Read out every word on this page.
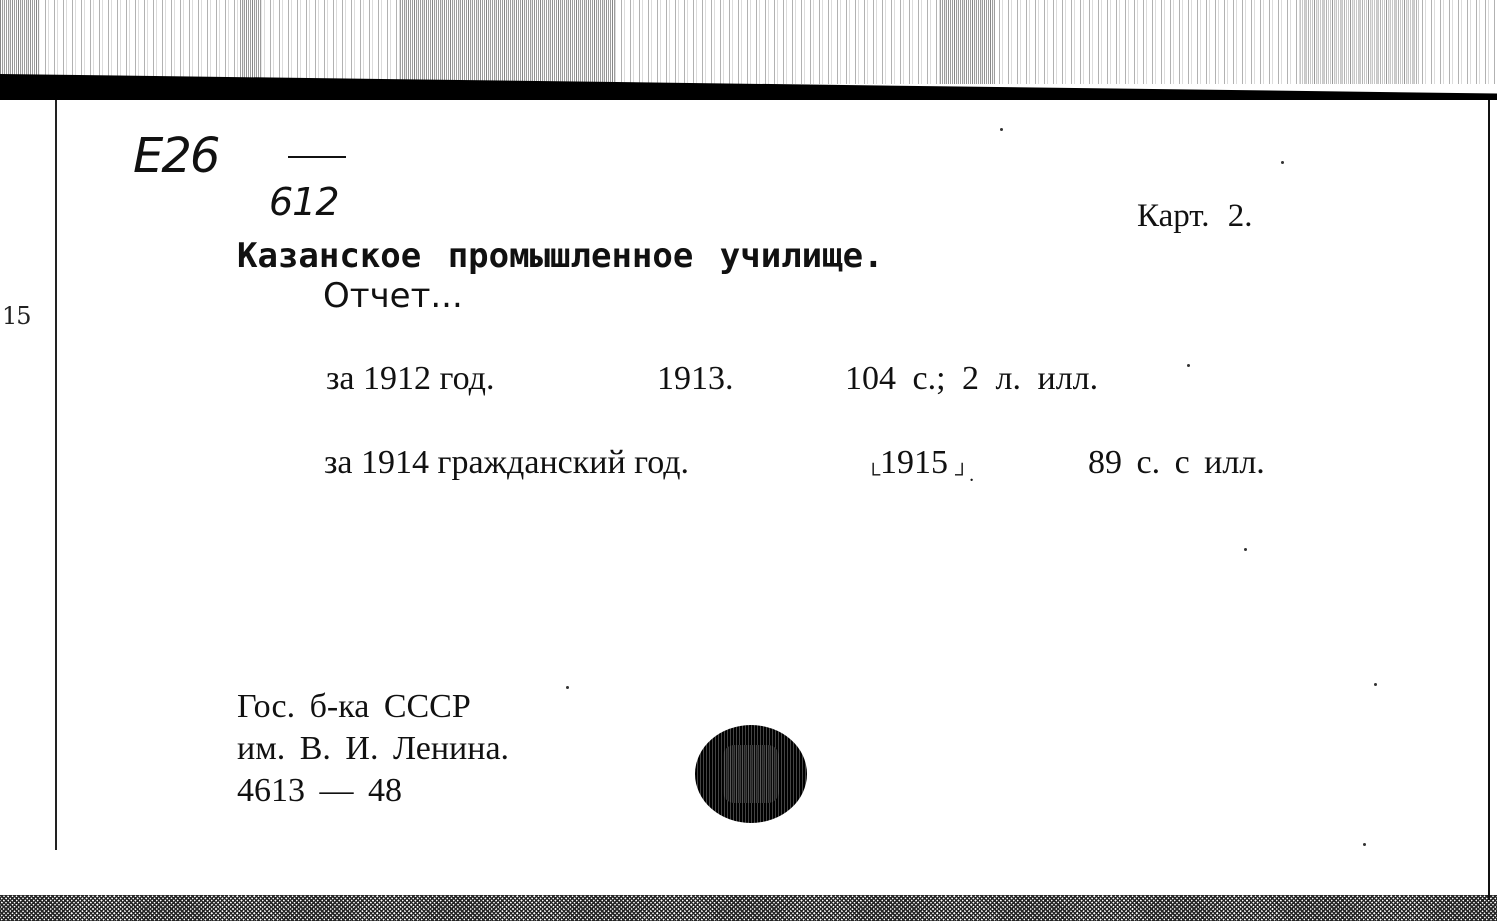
15
E26
612	Карт. 2.
Казанское промышленное училище.
Отчет...
за 1912 год.	1913.	104 с.; 2 л. илл.
за 1914 гражданский год.	└ 1915 ┘.	89 с. с илл.
Гос. б-ка СССР
им. В. И. Ленина.
4613 — 48
